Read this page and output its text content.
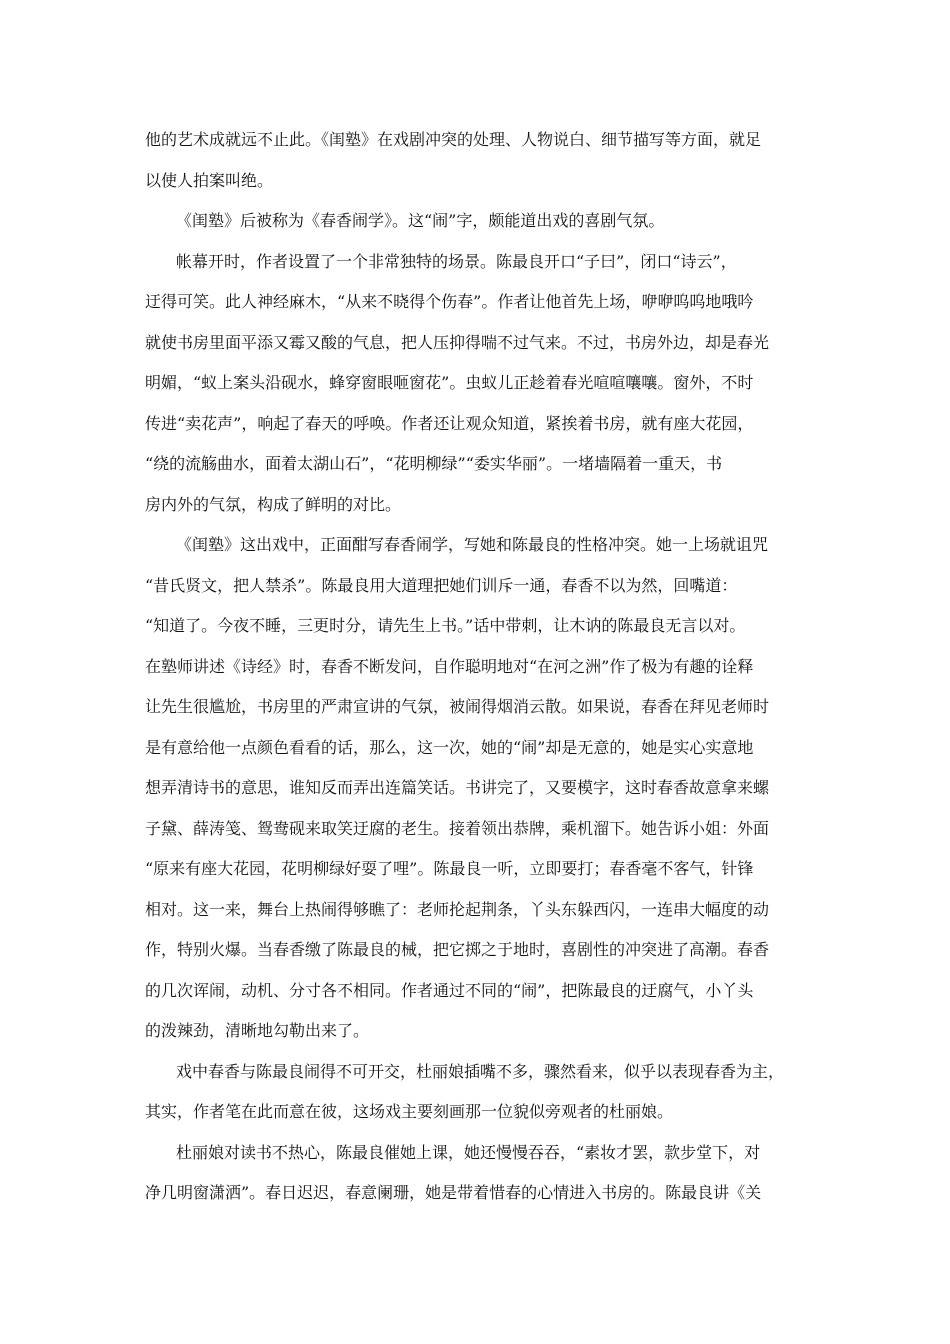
他的艺术成就远不止此。《闺塾》在戏剧冲突的处理、人物说白、细节描写等方面，就足
以使人拍案叫绝。
《闺塾》后被称为《春香闹学》。这“闹”字，颇能道出戏的喜剧气氛。
帐幕开时，作者设置了一个非常独特的场景。陈最良开口“子曰”，闭口“诗云”，
迂得可笑。此人神经麻木，“从来不晓得个伤春”。作者让他首先上场，咿咿呜呜地哦吟
就使书房里面平添又霉又酸的气息，把人压抑得喘不过气来。不过，书房外边，却是春光
明媚，“蚁上案头沿砚水，蜂穿窗眼咂窗花”。虫蚁儿正趁着春光喧喧嚷嚷。窗外，不时
传进“卖花声”，响起了春天的呼唤。作者还让观众知道，紧挨着书房，就有座大花园，
“绕的流觞曲水，面着太湖山石”，“花明柳绿”“委实华丽”。一堵墙隔着一重天，书
房内外的气氛，构成了鲜明的对比。
《闺塾》这出戏中，正面酣写春香闹学，写她和陈最良的性格冲突。她一上场就诅咒
“昔氏贤文，把人禁杀”。陈最良用大道理把她们训斥一通，春香不以为然，回嘴道：
“知道了。今夜不睡，三更时分，请先生上书。”话中带刺，让木讷的陈最良无言以对。
在塾师讲述《诗经》时，春香不断发问，自作聪明地对“在河之洲”作了极为有趣的诠释
让先生很尴尬，书房里的严肃宣讲的气氛，被闹得烟消云散。如果说，春香在拜见老师时
是有意给他一点颜色看看的话，那么，这一次，她的“闹”却是无意的，她是实心实意地
想弄清诗书的意思，谁知反而弄出连篇笑话。书讲完了，又要模字，这时春香故意拿来螺
子黛、薛涛笺、鸳鸯砚来取笑迂腐的老生。接着领出恭牌，乘机溜下。她告诉小姐：外面
“原来有座大花园，花明柳绿好耍了哩”。陈最良一听，立即要打；春香毫不客气，针锋
相对。这一来，舞台上热闹得够瞧了：老师抡起荆条，丫头东躲西闪，一连串大幅度的动
作，特别火爆。当春香缴了陈最良的械，把它掷之于地时，喜剧性的冲突进了高潮。春香
的几次诨闹，动机、分寸各不相同。作者通过不同的“闹”，把陈最良的迂腐气，小丫头
的泼辣劲，清晰地勾勒出来了。
戏中春香与陈最良闹得不可开交，杜丽娘插嘴不多，骤然看来，似乎以表现春香为主，
其实，作者笔在此而意在彼，这场戏主要刻画那一位貌似旁观者的杜丽娘。
杜丽娘对读书不热心，陈最良催她上课，她还慢慢吞吞，“素妆才罢，款步堂下，对
净几明窗潇洒”。春日迟迟，春意阑珊，她是带着惜春的心情进入书房的。陈最良讲《关
